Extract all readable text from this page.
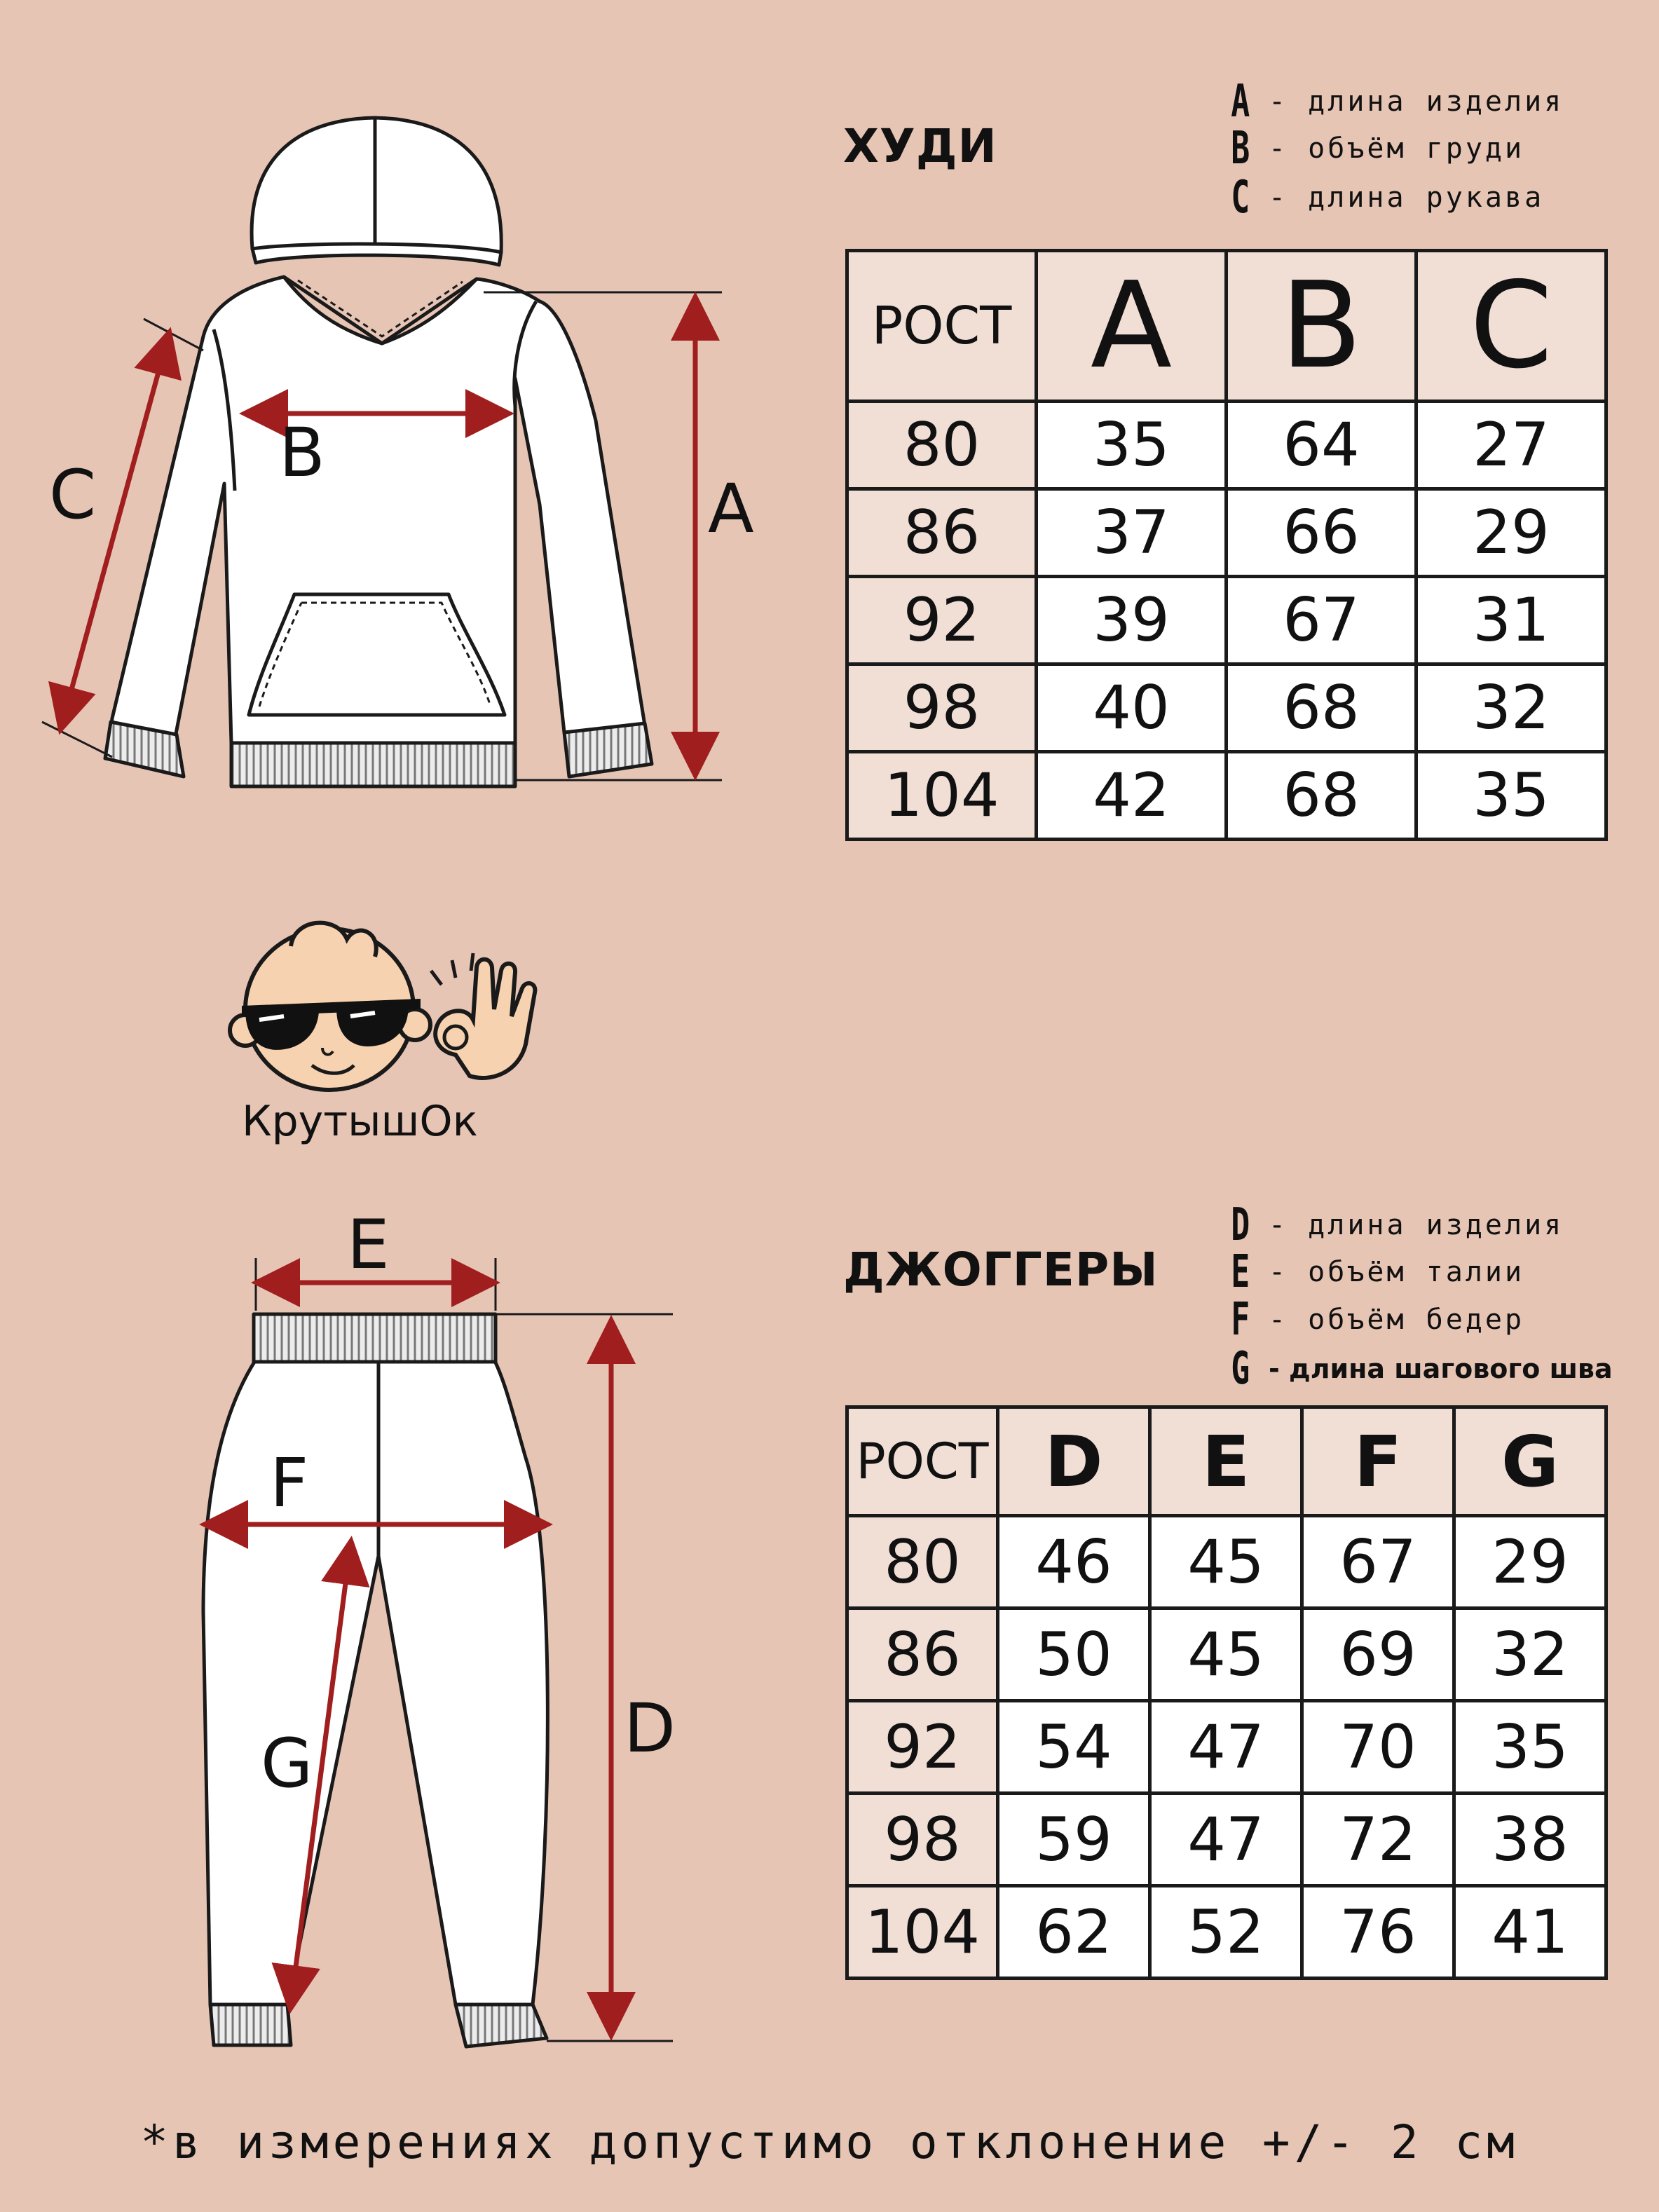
A
B
C
ХУДИ
A - длина изделия
B - объём груди
C - длина рукава
РОСТ	A	B	C
80	35	64	27
86	37	66	29
92	39	67	31
98	40	68	32
104	42	68	35
КрутышОк
E
F
D
G
ДЖОГГЕРЫ
D - длина изделия
E - объём талии
F - объём бедер
G - длина шагового шва
РОСТ	D	E	F	G
80	46	45	67	29
86	50	45	69	32
92	54	47	70	35
98	59	47	72	38
104	62	52	76	41
*в измерениях допустимо отклонение +/- 2 см
